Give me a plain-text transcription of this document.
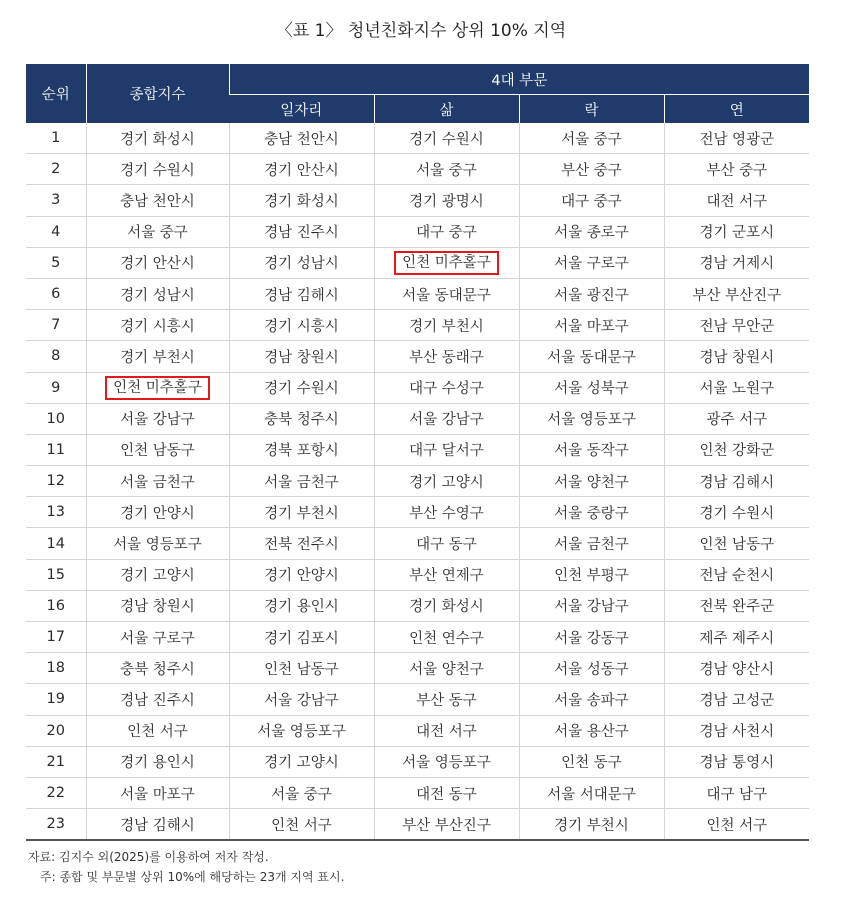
〈표 1〉 청년친화지수 상위 10% 지역
순위	종합지수	4대 부문			
		일자리	삶	락	연
1	경기 화성시	충남 천안시	경기 수원시	서울 중구	전남 영광군
2	경기 수원시	경기 안산시	서울 중구	부산 중구	부산 중구
3	충남 천안시	경기 화성시	경기 광명시	대구 중구	대전 서구
4	서울 중구	경남 진주시	대구 중구	서울 종로구	경기 군포시
5	경기 안산시	경기 성남시	인천 미추홀구	서울 구로구	경남 거제시
6	경기 성남시	경남 김해시	서울 동대문구	서울 광진구	부산 부산진구
7	경기 시흥시	경기 시흥시	경기 부천시	서울 마포구	전남 무안군
8	경기 부천시	경남 창원시	부산 동래구	서울 동대문구	경남 창원시
9	인천 미추홀구	경기 수원시	대구 수성구	서울 성북구	서울 노원구
10	서울 강남구	충북 청주시	서울 강남구	서울 영등포구	광주 서구
11	인천 남동구	경북 포항시	대구 달서구	서울 동작구	인천 강화군
12	서울 금천구	서울 금천구	경기 고양시	서울 양천구	경남 김해시
13	경기 안양시	경기 부천시	부산 수영구	서울 중랑구	경기 수원시
14	서울 영등포구	전북 전주시	대구 동구	서울 금천구	인천 남동구
15	경기 고양시	경기 안양시	부산 연제구	인천 부평구	전남 순천시
16	경남 창원시	경기 용인시	경기 화성시	서울 강남구	전북 완주군
17	서울 구로구	경기 김포시	인천 연수구	서울 강동구	제주 제주시
18	충북 청주시	인천 남동구	서울 양천구	서울 성동구	경남 양산시
19	경남 진주시	서울 강남구	부산 동구	서울 송파구	경남 고성군
20	인천 서구	서울 영등포구	대전 서구	서울 용산구	경남 사천시
21	경기 용인시	경기 고양시	서울 영등포구	인천 동구	경남 통영시
22	서울 마포구	서울 중구	대전 동구	서울 서대문구	대구 남구
23	경남 김해시	인천 서구	부산 부산진구	경기 부천시	인천 서구
자료: 김지수 외(2025)를 이용하여 저자 작성.
주: 종합 및 부문별 상위 10%에 해당하는 23개 지역 표시.
